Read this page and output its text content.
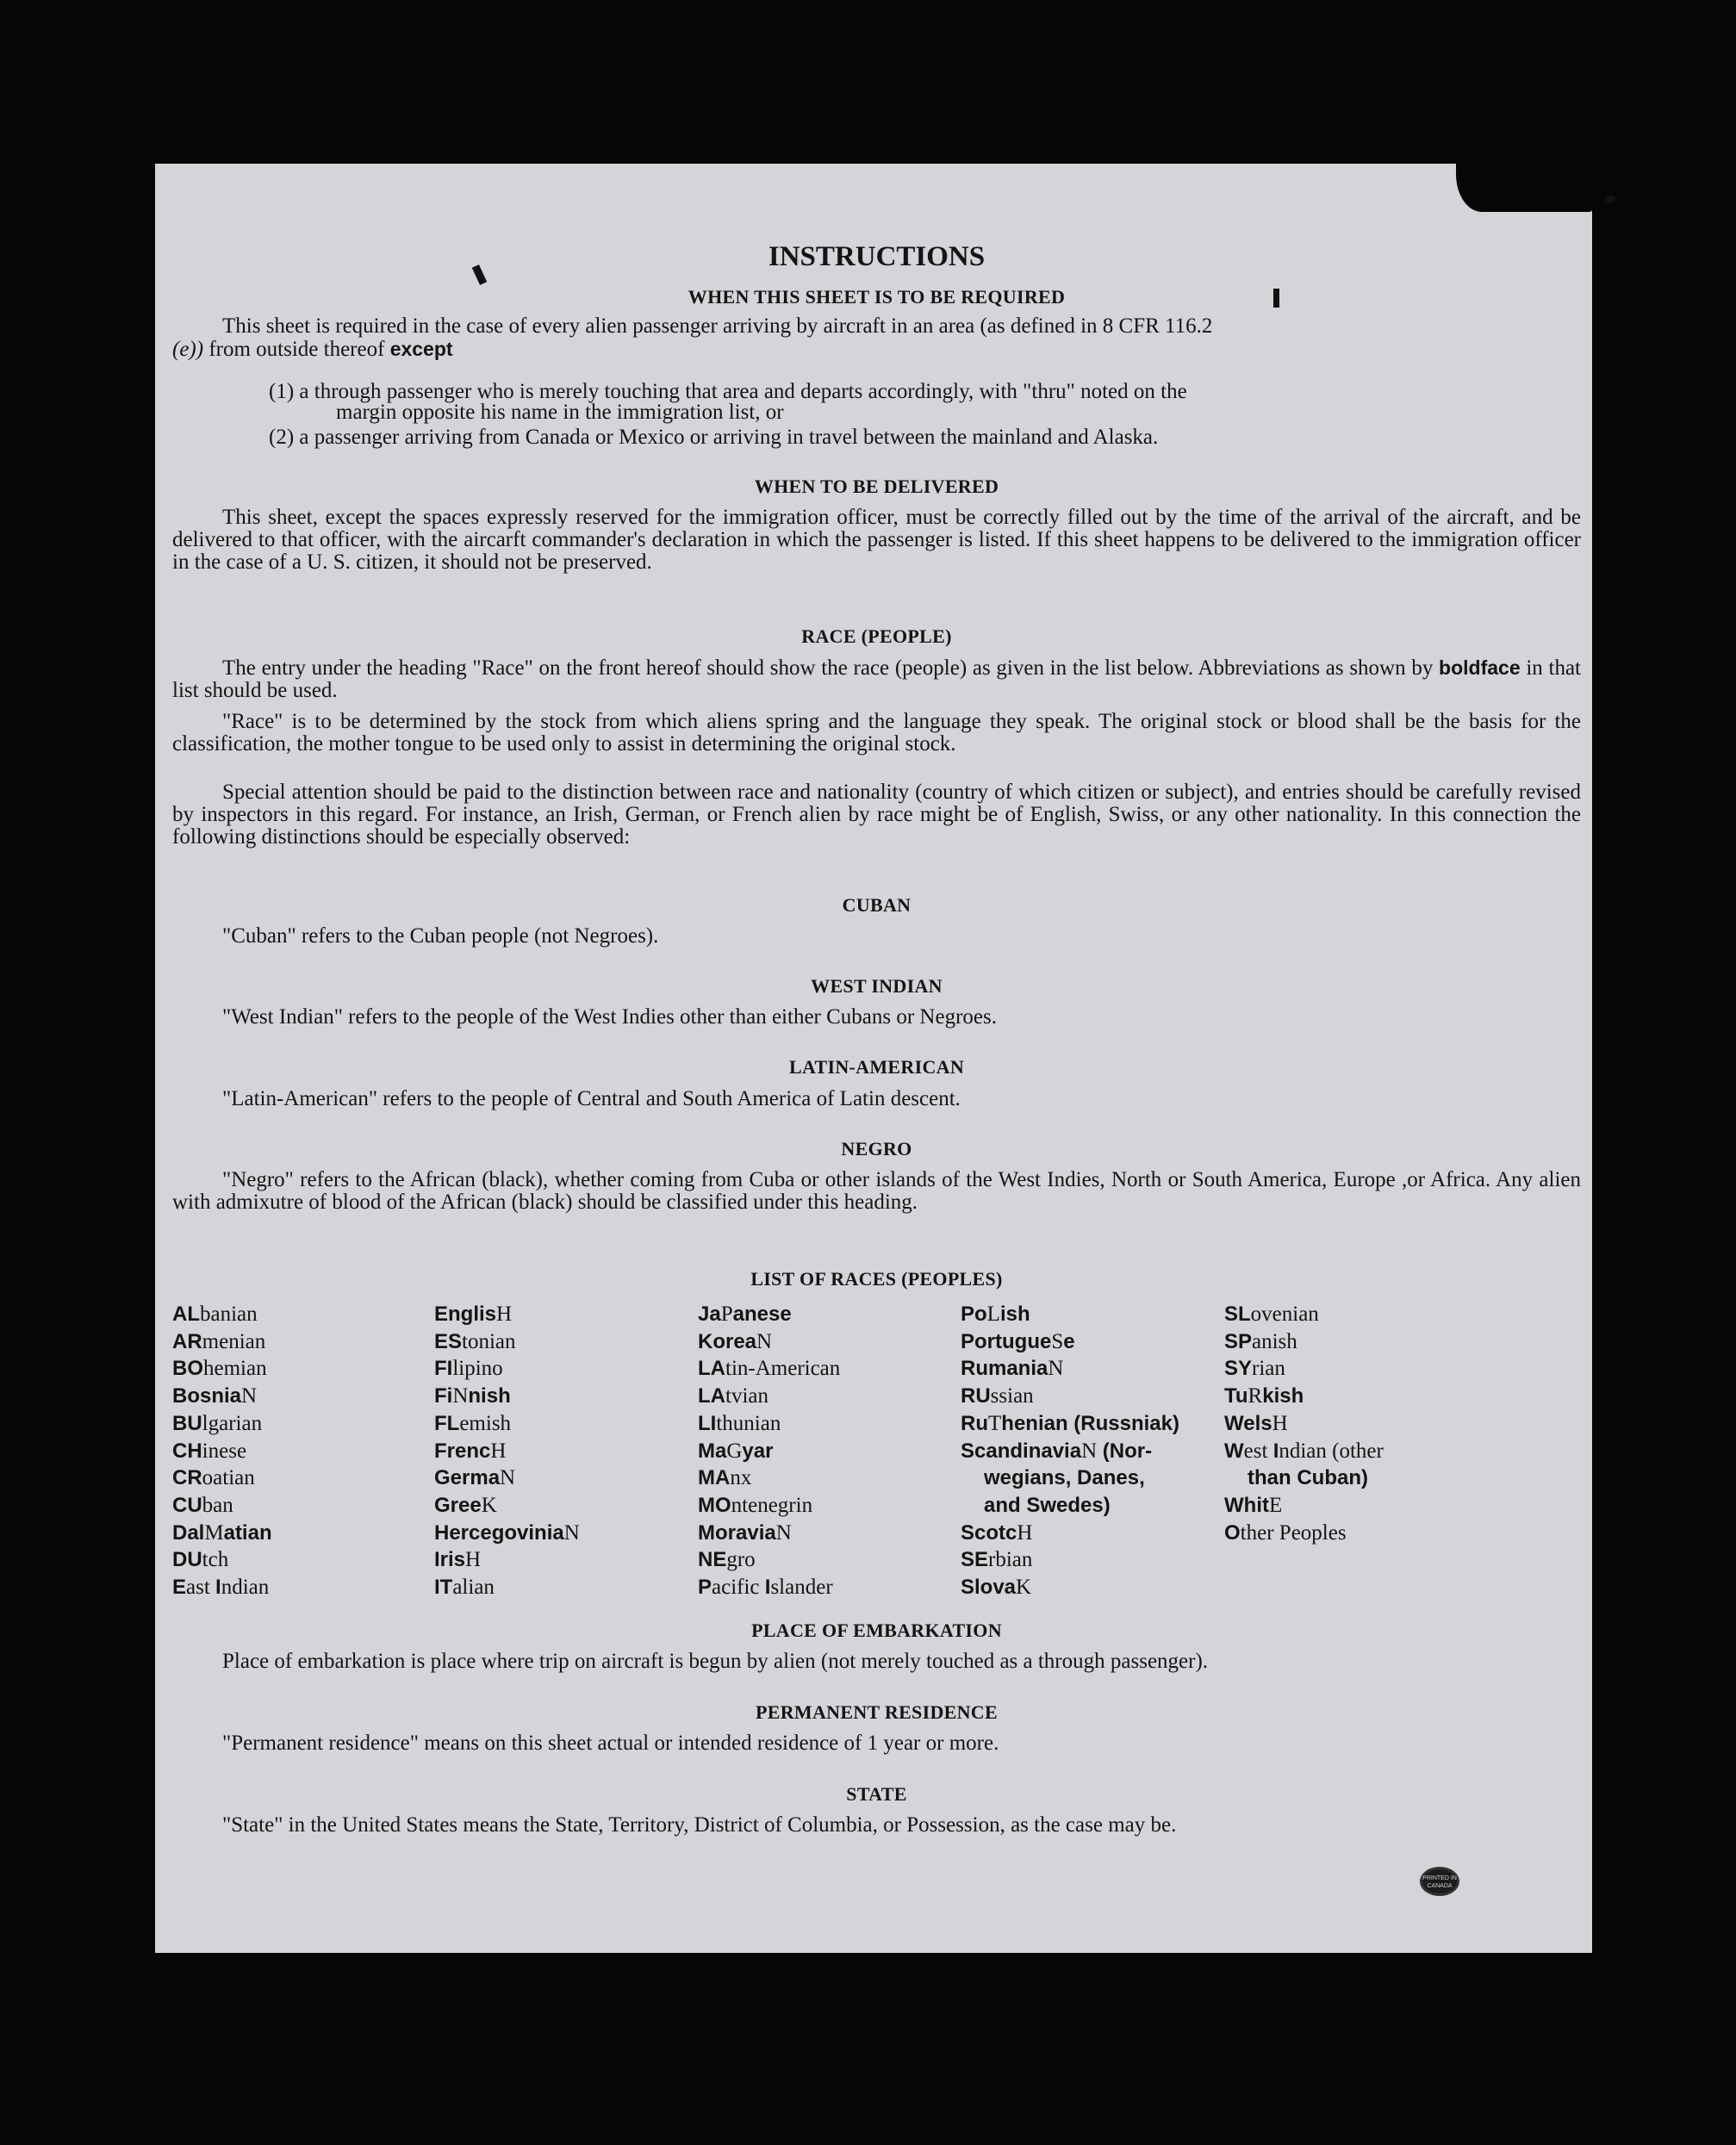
INSTRUCTIONS
WHEN THIS SHEET IS TO BE REQUIRED
This sheet is required in the case of every alien passenger arriving by aircraft in an area (as defined in 8 CFR 116.2
(e)) from outside thereof except
(1) a through passenger who is merely touching that area and departs accordingly, with "thru" noted on the
margin opposite his name in the immigration list, or
(2) a passenger arriving from Canada or Mexico or arriving in travel between the mainland and Alaska.
WHEN TO BE DELIVERED

This sheet, except the spaces expressly reserved for the immigration officer, must be correctly filled out by the time of the arrival of the aircraft, and be delivered to that officer, with the aircarft commander's declaration in which the passenger is listed. If this sheet happens to be delivered to the immigration officer in the case of a U. S. citizen, it should not be preserved.

RACE (PEOPLE)

The entry under the heading "Race" on the front hereof should show the race (people) as given in the list below. Abbreviations as shown by boldface in that list should be used.

"Race" is to be determined by the stock from which aliens spring and the language they speak. The original stock or blood shall be the basis for the classification, the mother tongue to be used only to assist in determining the original stock.

Special attention should be paid to the distinction between race and nationality (country of which citizen or subject), and entries should be carefully revised by inspectors in this regard. For instance, an Irish, German, or French alien by race might be of English, Swiss, or any other nationality. In this connection the following distinctions should be especially observed:

CUBAN
"Cuban" refers to the Cuban people (not Negroes).
WEST INDIAN
"West Indian" refers to the people of the West Indies other than either Cubans or Negroes.
LATIN-AMERICAN
"Latin-American" refers to the people of Central and South America of Latin descent.
NEGRO

"Negro" refers to the African (black), whether coming from Cuba or other islands of the West Indies, North or South America, Europe ,or Africa. Any alien with admixutre of blood of the African (black) should be classified under this heading.

LIST OF RACES (PEOPLES)
ALbanian
ARmenian
BOhemian
BosniaN
BUlgarian
CHinese
CRoatian
CUban
DalMatian
DUtch
East Indian
EnglisH
EStonian
FIlipino
FiNnish
FLemish
FrencH
GermaN
GreeK
HercegoviniaN
IrisH
ITalian
JaPanese
KoreaN
LAtin-American
LAtvian
LIthunian
MaGyar
MAnx
MOntenegrin
MoraviaN
NEgro
Pacific Islander
PoLish
PortugueSe
RumaniaN
RUssian
RuThenian (Russniak)
ScandinaviaN (Nor-
wegians, Danes,
and Swedes)
ScotcH
SErbian
SlovaK
SLovenian
SPanish
SYrian
TuRkish
WelsH
West Indian (other
than Cuban)
WhitE
Other Peoples
PLACE OF EMBARKATION
Place of embarkation is place where trip on aircraft is begun by alien (not merely touched as a through passenger).
PERMANENT RESIDENCE
"Permanent residence" means on this sheet actual or intended residence of 1 year or more.
STATE
"State" in the United States means the State, Territory, District of Columbia, or Possession, as the case may be.
PRINTED IN CANADA
